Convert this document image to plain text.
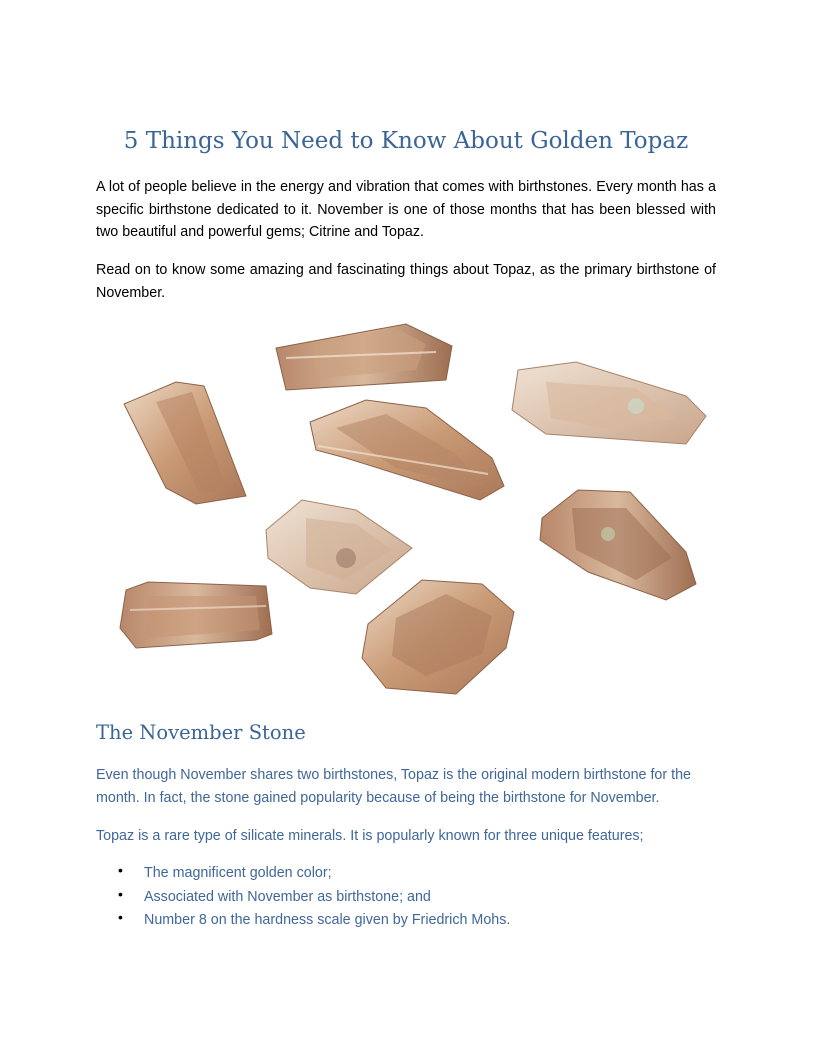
5 Things You Need to Know About Golden Topaz

A lot of people believe in the energy and vibration that comes with birthstones. Every month has a specific birthstone dedicated to it. November is one of those months that has been blessed with two beautiful and powerful gems; Citrine and Topaz.

Read on to know some amazing and fascinating things about Topaz, as the primary birthstone of November.

The November Stone

Even though November shares two birthstones, Topaz is the original modern birthstone for the month. In fact, the stone gained popularity because of being the birthstone for November.

Topaz is a rare type of silicate minerals. It is popularly known for three unique features;

• The magnificent golden color;
• Associated with November as birthstone; and
• Number 8 on the hardness scale given by Friedrich Mohs.
